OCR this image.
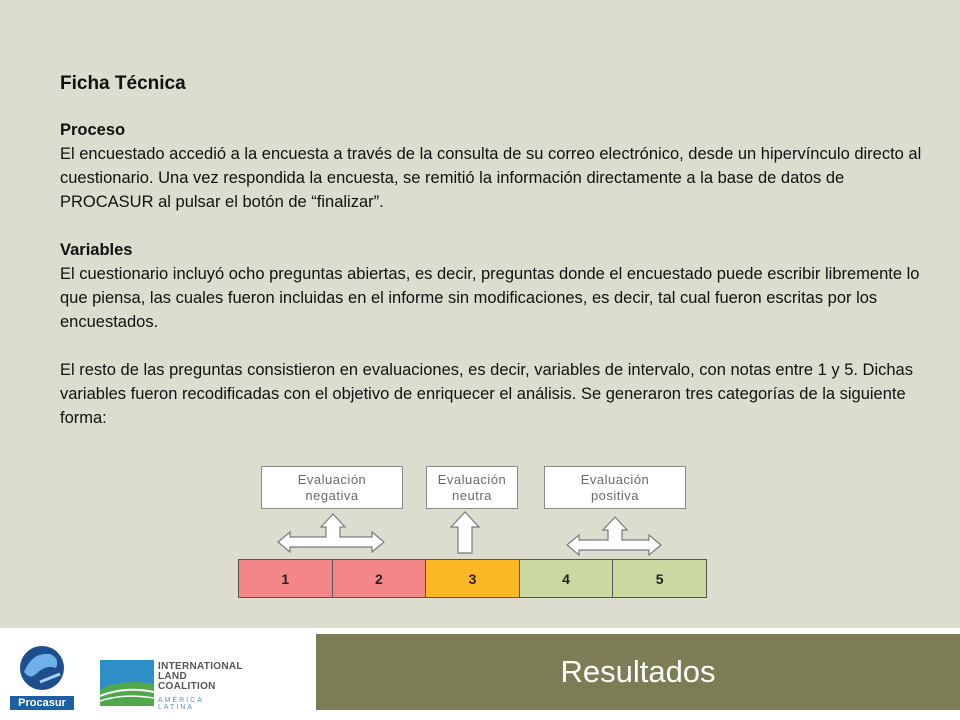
Ficha Técnica

Proceso

El encuestado accedió a la encuesta a través de la consulta de su correo electrónico, desde un hipervínculo directo al cuestionario. Una vez respondida la encuesta, se remitió la información directamente a la base de datos de PROCASUR al pulsar el botón de “finalizar”.

Variables

El cuestionario incluyó ocho preguntas abiertas, es decir, preguntas donde el encuestado puede escribir libremente lo que piensa, las cuales fueron incluidas en el informe sin modificaciones, es decir, tal cual fueron escritas por los encuestados.

El resto de las preguntas consistieron en evaluaciones, es decir, variables de intervalo, con notas entre 1 y 5. Dichas variables fueron recodificadas con el objetivo de enriquecer el análisis. Se generaron tres categorías de la siguiente forma:

Evaluación
negativa
Evaluación
neutra
Evaluación
positiva
1	2	3	4	5
Procasur
INTERNATIONAL
LAND
COALITION
AMÉRICA LATINA
Resultados
